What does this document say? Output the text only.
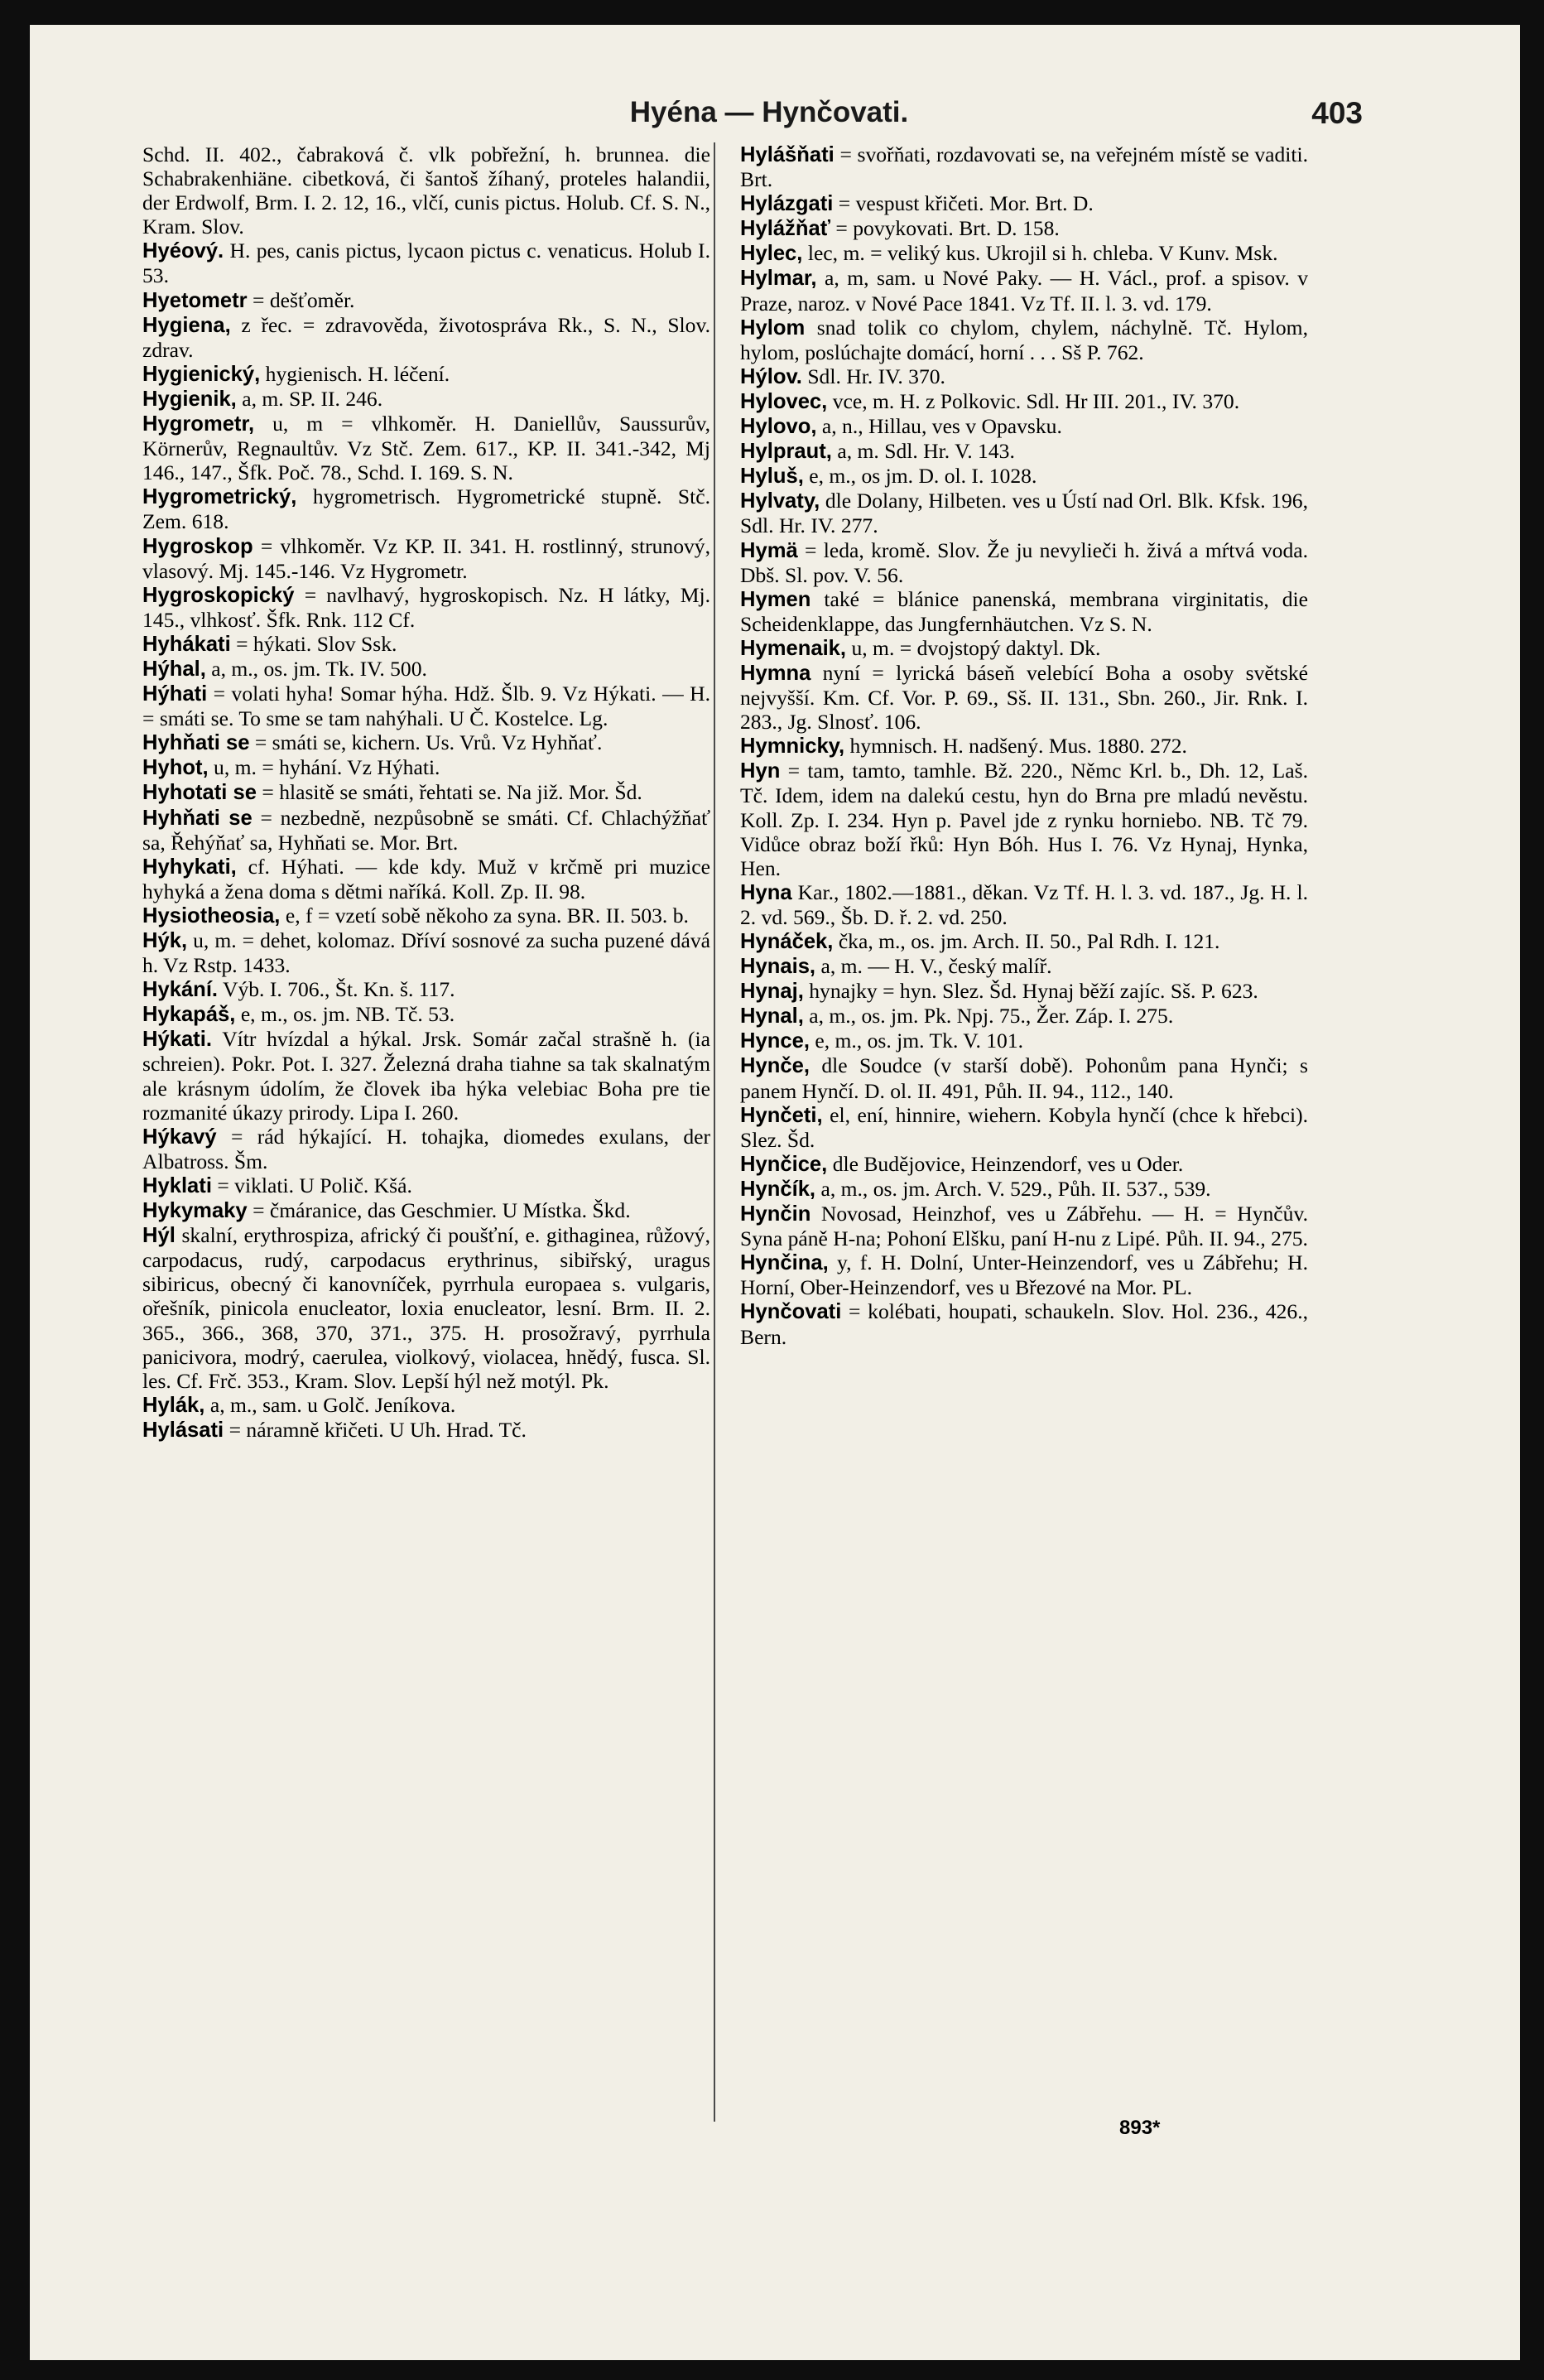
Hyéna — Hynčovati.	403
Schd. II. 402., čabraková č. vlk pobřežní, h. brunnea. die Schabrakenhiäne. cibetková, či šantoš žíhaný, proteles halandii, der Erdwolf, Brm. I. 2. 12, 16., vlčí, cunis pictus. Holub. Cf. S. N., Kram. Slov.
Hyéový. H. pes, canis pictus, lycaon pictus c. venaticus. Holub I. 53.
Hyetometr = dešťoměr.
Hygiena, z řec. = zdravověda, životospráva Rk., S. N., Slov. zdrav.
Hygienický, hygienisch. H. léčení.
Hygienik, a, m. SP. II. 246.
Hygrometr, u, m = vlhkoměr. H. Daniellův, Saussurův, Körnerův, Regnaultův. Vz Stč. Zem. 617., KP. II. 341.-342, Mj 146., 147., Šfk. Poč. 78., Schd. I. 169. S. N.
Hygrometrický, hygrometrisch. Hygrometrické stupně. Stč. Zem. 618.
Hygroskop = vlhkoměr. Vz KP. II. 341. H. rostlinný, strunový, vlasový. Mj. 145.-146. Vz Hygrometr.
Hygroskopický = navlhavý, hygroskopisch. Nz. H látky, Mj. 145., vlhkosť. Šfk. Rnk. 112 Cf.
Hyhákati = hýkati. Slov Ssk.
Hýhal, a, m., os. jm. Tk. IV. 500.
Hýhati = volati hyha! Somar hýha. Hdž. Šlb. 9. Vz Hýkati. — H. = smáti se. To sme se tam nahýhali. U Č. Kostelce. Lg.
Hyhňati se = smáti se, kichern. Us. Vrů. Vz Hyhňať.
Hyhot, u, m. = hyhání. Vz Hýhati.
Hyhotati se = hlasitě se smáti, řehtati se. Na již. Mor. Šd.
Hyhňati se = nezbedně, nezpůsobně se smáti. Cf. Chlachýžňať sa, Řehýňať sa, Hyhňati se. Mor. Brt.
Hyhykati, cf. Hýhati. — kde kdy. Muž v krčmě pri muzice hyhyká a žena doma s dětmi naříká. Koll. Zp. II. 98.
Hysiotheosia, e, f = vzetí sobě někoho za syna. BR. II. 503. b.
Hýk, u, m. = dehet, kolomaz. Dříví sosnové za sucha puzené dává h. Vz Rstp. 1433.
Hykání. Výb. I. 706., Št. Kn. š. 117.
Hykapáš, e, m., os. jm. NB. Tč. 53.
Hýkati. Vítr hvízdal a hýkal. Jrsk. Somár začal strašně h. (ia schreien). Pokr. Pot. I. 327. Železná draha tiahne sa tak skalnatým ale krásnym údolím, že človek iba hýka velebiac Boha pre tie rozmanité úkazy prirody. Lipa I. 260.
Hýkavý = rád hýkající. H. tohajka, diomedes exulans, der Albatross. Šm.
Hyklati = viklati. U Polič. Kšá.
Hykymaky = čmáranice, das Geschmier. U Místka. Škd.
Hýl skalní, erythrospiza, africký či poušťní, e. githaginea, růžový, carpodacus, rudý, carpodacus erythrinus, sibiřský, uragus sibiricus, obecný či kanovníček, pyrrhula europaea s. vulgaris, ořešník, pinicola enucleator, loxia enucleator, lesní. Brm. II. 2. 365., 366., 368, 370, 371., 375. H. prosožravý, pyrrhula panicivora, modrý, caerulea, violkový, violacea, hnědý, fusca. Sl. les. Cf. Frč. 353., Kram. Slov. Lepší hýl než motýl. Pk.
Hylák, a, m., sam. u Golč. Jeníkova.
Hylásati = náramně křičeti. U Uh. Hrad. Tč.
Hylášňati = svořňati, rozdavovati se, na veřejném místě se vaditi. Brt.
Hylázgati = vespust křičeti. Mor. Brt. D.
Hylážňať = povykovati. Brt. D. 158.
Hylec, lec, m. = veliký kus. Ukrojil si h. chleba. V Kunv. Msk.
Hylmar, a, m, sam. u Nové Paky. — H. Václ., prof. a spisov. v Praze, naroz. v Nové Pace 1841. Vz Tf. II. l. 3. vd. 179.
Hylom snad tolik co chylom, chylem, náchylně. Tč. Hylom, hylom, poslúchajte domácí, horní . . . Sš P. 762.
Hýlov. Sdl. Hr. IV. 370.
Hylovec, vce, m. H. z Polkovic. Sdl. Hr III. 201., IV. 370.
Hylovo, a, n., Hillau, ves v Opavsku.
Hylpraut, a, m. Sdl. Hr. V. 143.
Hyluš, e, m., os jm. D. ol. I. 1028.
Hylvaty, dle Dolany, Hilbeten. ves u Ústí nad Orl. Blk. Kfsk. 196, Sdl. Hr. IV. 277.
Hymä = leda, kromě. Slov. Že ju nevylieči h. živá a mŕtvá voda. Dbš. Sl. pov. V. 56.
Hymen také = blánice panenská, membrana virginitatis, die Scheidenklappe, das Jungfernhäutchen. Vz S. N.
Hymenaik, u, m. = dvojstopý daktyl. Dk.
Hymna nyní = lyrická báseň velebící Boha a osoby světské nejvyšší. Km. Cf. Vor. P. 69., Sš. II. 131., Sbn. 260., Jir. Rnk. I. 283., Jg. Slnosť. 106.
Hymnicky, hymnisch. H. nadšený. Mus. 1880. 272.
Hyn = tam, tamto, tamhle. Bž. 220., Němc Krl. b., Dh. 12, Laš. Tč. Idem, idem na dalekú cestu, hyn do Brna pre mladú nevěstu. Koll. Zp. I. 234. Hyn p. Pavel jde z rynku horniebo. NB. Tč 79. Vidůce obraz boží řků: Hyn Bóh. Hus I. 76. Vz Hynaj, Hynka, Hen.
Hyna Kar., 1802.—1881., děkan. Vz Tf. H. l. 3. vd. 187., Jg. H. l. 2. vd. 569., Šb. D. ř. 2. vd. 250.
Hynáček, čka, m., os. jm. Arch. II. 50., Pal Rdh. I. 121.
Hynais, a, m. — H. V., český malíř.
Hynaj, hynajky = hyn. Slez. Šd. Hynaj běží zajíc. Sš. P. 623.
Hynal, a, m., os. jm. Pk. Npj. 75., Žer. Záp. I. 275.
Hynce, e, m., os. jm. Tk. V. 101.
Hynče, dle Soudce (v starší době). Pohonům pana Hynči; s panem Hynčí. D. ol. II. 491, Půh. II. 94., 112., 140.
Hynčeti, el, ení, hinnire, wiehern. Kobyla hynčí (chce k hřebci). Slez. Šd.
Hynčice, dle Budějovice, Heinzendorf, ves u Oder.
Hynčík, a, m., os. jm. Arch. V. 529., Půh. II. 537., 539.
Hynčin Novosad, Heinzhof, ves u Zábřehu. — H. = Hynčův. Syna páně H-na; Pohoní Elšku, paní H-nu z Lipé. Půh. II. 94., 275.
Hynčina, y, f. H. Dolní, Unter-Heinzendorf, ves u Zábřehu; H. Horní, Ober-Heinzendorf, ves u Březové na Mor. PL.
Hynčovati = kolébati, houpati, schaukeln. Slov. Hol. 236., 426., Bern.
893*
